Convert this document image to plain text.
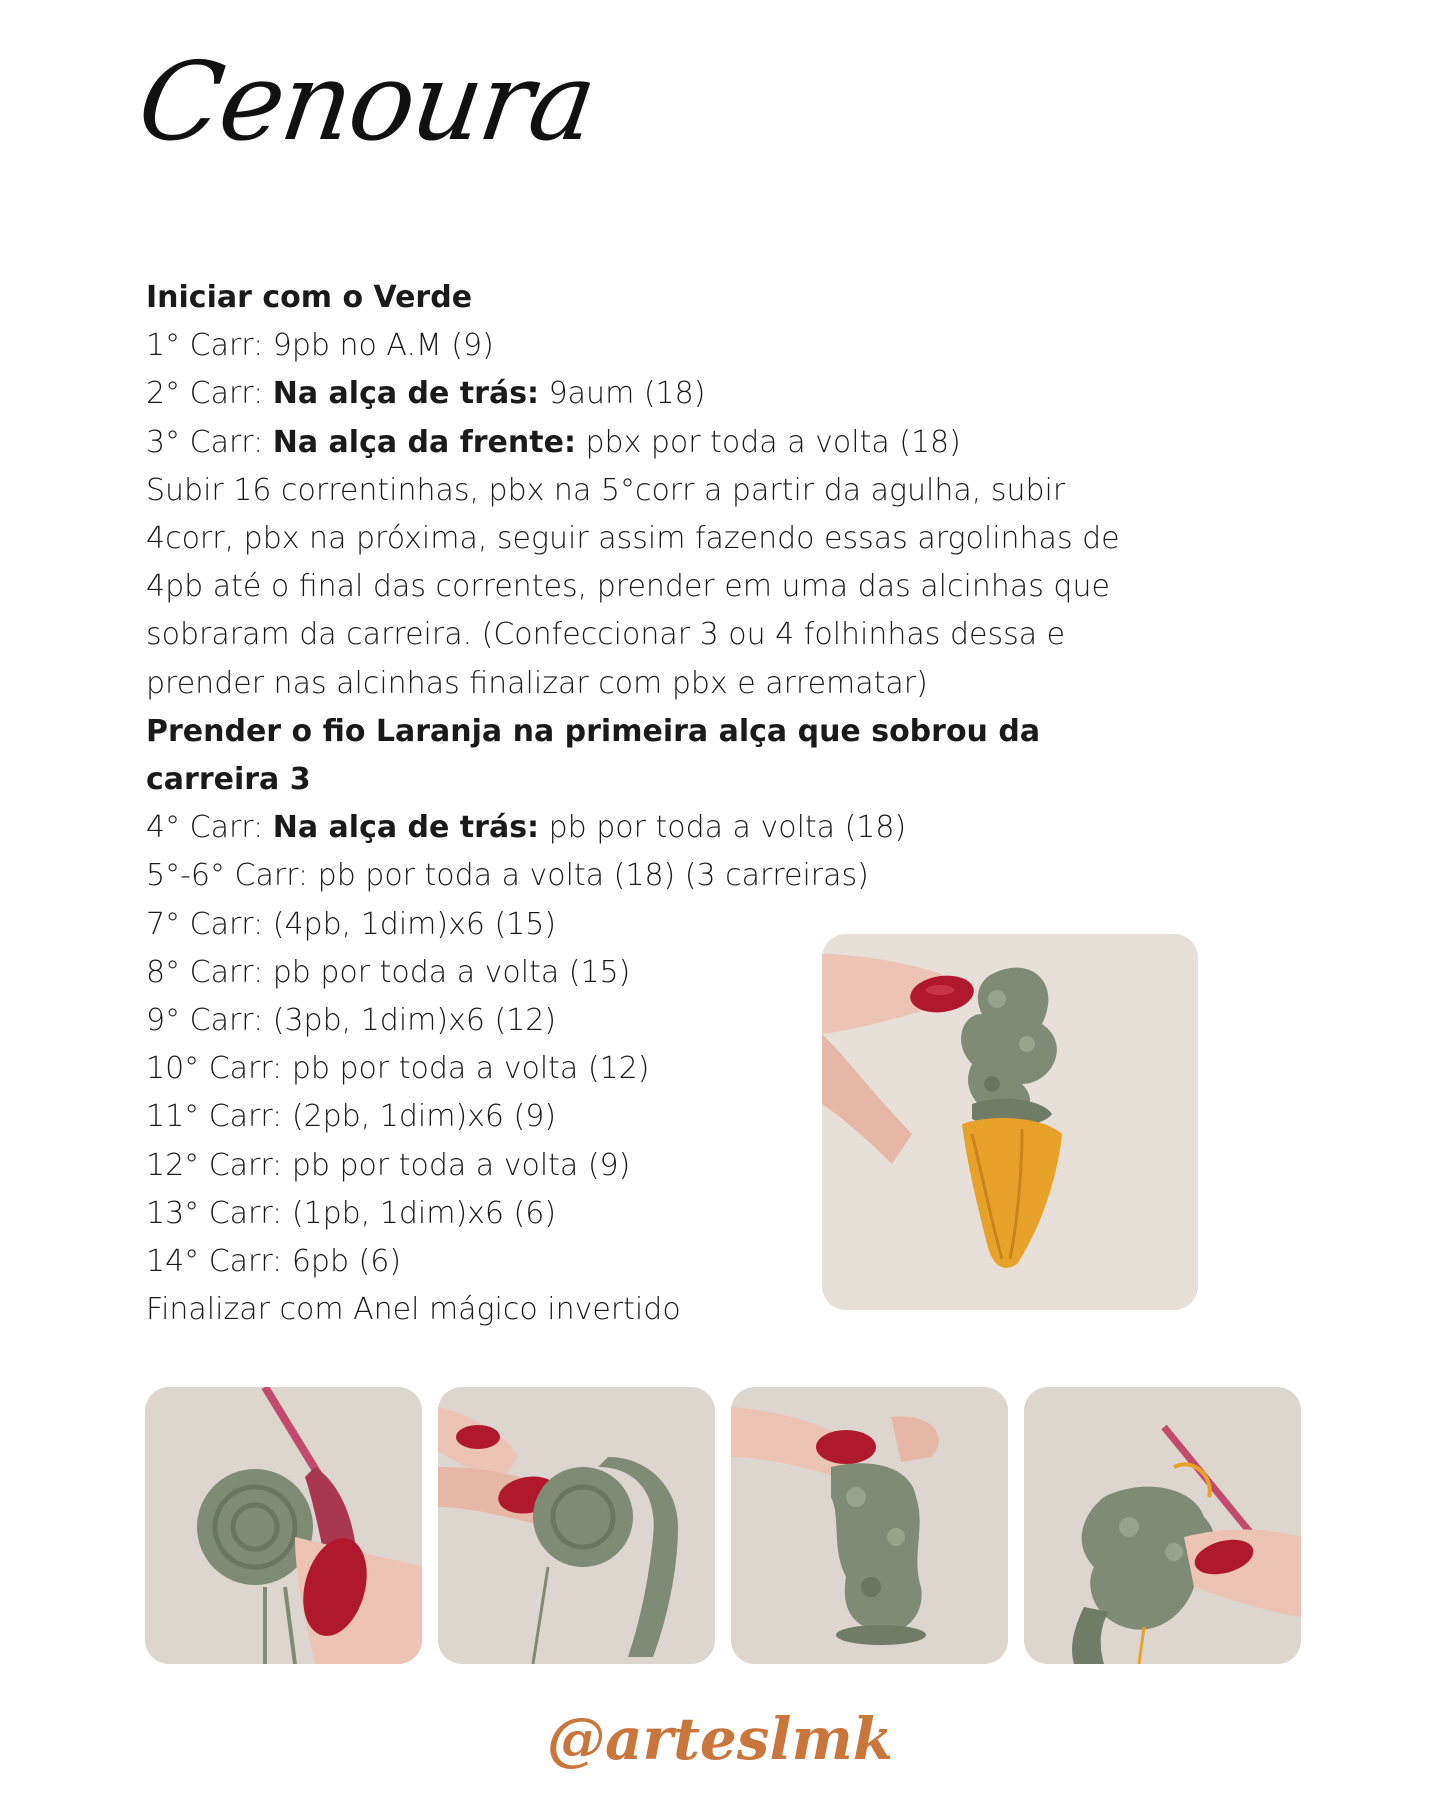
Cenoura
Iniciar com o Verde
1° Carr: 9pb no A.M (9)
2° Carr: Na alça de trás: 9aum (18)
3° Carr: Na alça da frente: pbx por toda a volta (18)
Subir 16 correntinhas, pbx na 5°corr a partir da agulha, subir 4corr, pbx na próxima, seguir assim fazendo essas argolinhas de 4pb até o final das correntes, prender em uma das alcinhas que sobraram da carreira. (Confeccionar 3 ou 4 folhinhas dessa e prender nas alcinhas finalizar com pbx e arrematar)
Prender o fio Laranja na primeira alça que sobrou da carreira 3
4° Carr: Na alça de trás: pb por toda a volta (18)
5°-6° Carr: pb por toda a volta (18) (3 carreiras)
7° Carr: (4pb, 1dim)x6 (15)
8° Carr: pb por toda a volta (15)
9° Carr: (3pb, 1dim)x6 (12)
10° Carr: pb por toda a volta (12)
11° Carr: (2pb, 1dim)x6 (9)
12° Carr: pb por toda a volta (9)
13° Carr: (1pb, 1dim)x6 (6)
14° Carr: 6pb (6)
Finalizar com Anel mágico invertido
@arteslmk
